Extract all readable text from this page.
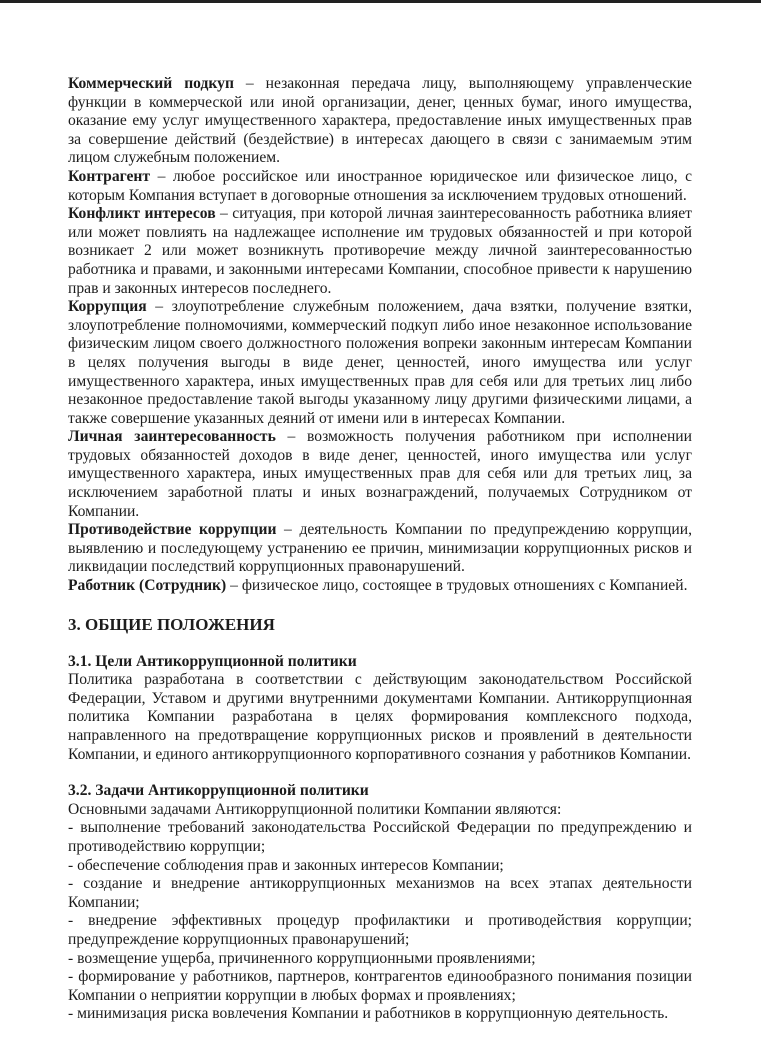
Коммерческий подкуп – незаконная передача лицу, выполняющему управленческие функции в коммерческой или иной организации, денег, ценных бумаг, иного имущества, оказание ему услуг имущественного характера, предоставление иных имущественных прав за совершение действий (бездействие) в интересах дающего в связи с занимаемым этим лицом служебным положением.

Контрагент – любое российское или иностранное юридическое или физическое лицо, с которым Компания вступает в договорные отношения за исключением трудовых отношений.

Конфликт интересов – ситуация, при которой личная заинтересованность работника влияет или может повлиять на надлежащее исполнение им трудовых обязанностей и при которой возникает 2 или может возникнуть противоречие между личной заинтересованностью работника и правами, и законными интересами Компании, способное привести к нарушению прав и законных интересов последнего.

Коррупция – злоупотребление служебным положением, дача взятки, получение взятки, злоупотребление полномочиями, коммерческий подкуп либо иное незаконное использование физическим лицом своего должностного положения вопреки законным интересам Компании в целях получения выгоды в виде денег, ценностей, иного имущества или услуг имущественного характера, иных имущественных прав для себя или для третьих лиц либо незаконное предоставление такой выгоды указанному лицу другими физическими лицами, а также совершение указанных деяний от имени или в интересах Компании.

Личная заинтересованность – возможность получения работником при исполнении трудовых обязанностей доходов в виде денег, ценностей, иного имущества или услуг имущественного характера, иных имущественных прав для себя или для третьих лиц, за исключением заработной платы и иных вознаграждений, получаемых Сотрудником от Компании.

Противодействие коррупции – деятельность Компании по предупреждению коррупции, выявлению и последующему устранению ее причин, минимизации коррупционных рисков и ликвидации последствий коррупционных правонарушений.

Работник (Сотрудник) – физическое лицо, состоящее в трудовых отношениях с Компанией.

3. ОБЩИЕ ПОЛОЖЕНИЯ

3.1. Цели Антикоррупционной политики

Политика разработана в соответствии с действующим законодательством Российской Федерации, Уставом и другими внутренними документами Компании. Антикоррупционная политика Компании разработана в целях формирования комплексного подхода, направленного на предотвращение коррупционных рисков и проявлений в деятельности Компании, и единого антикоррупционного корпоративного сознания у работников Компании.

3.2. Задачи Антикоррупционной политики

Основными задачами Антикоррупционной политики Компании являются:

- выполнение требований законодательства Российской Федерации по предупреждению и противодействию коррупции;

- обеспечение соблюдения прав и законных интересов Компании;

- создание и внедрение антикоррупционных механизмов на всех этапах деятельности Компании;

- внедрение эффективных процедур профилактики и противодействия коррупции; предупреждение коррупционных правонарушений;

- возмещение ущерба, причиненного коррупционными проявлениями;

- формирование у работников, партнеров, контрагентов единообразного понимания позиции Компании о неприятии коррупции в любых формах и проявлениях;

- минимизация риска вовлечения Компании и работников в коррупционную деятельность.
